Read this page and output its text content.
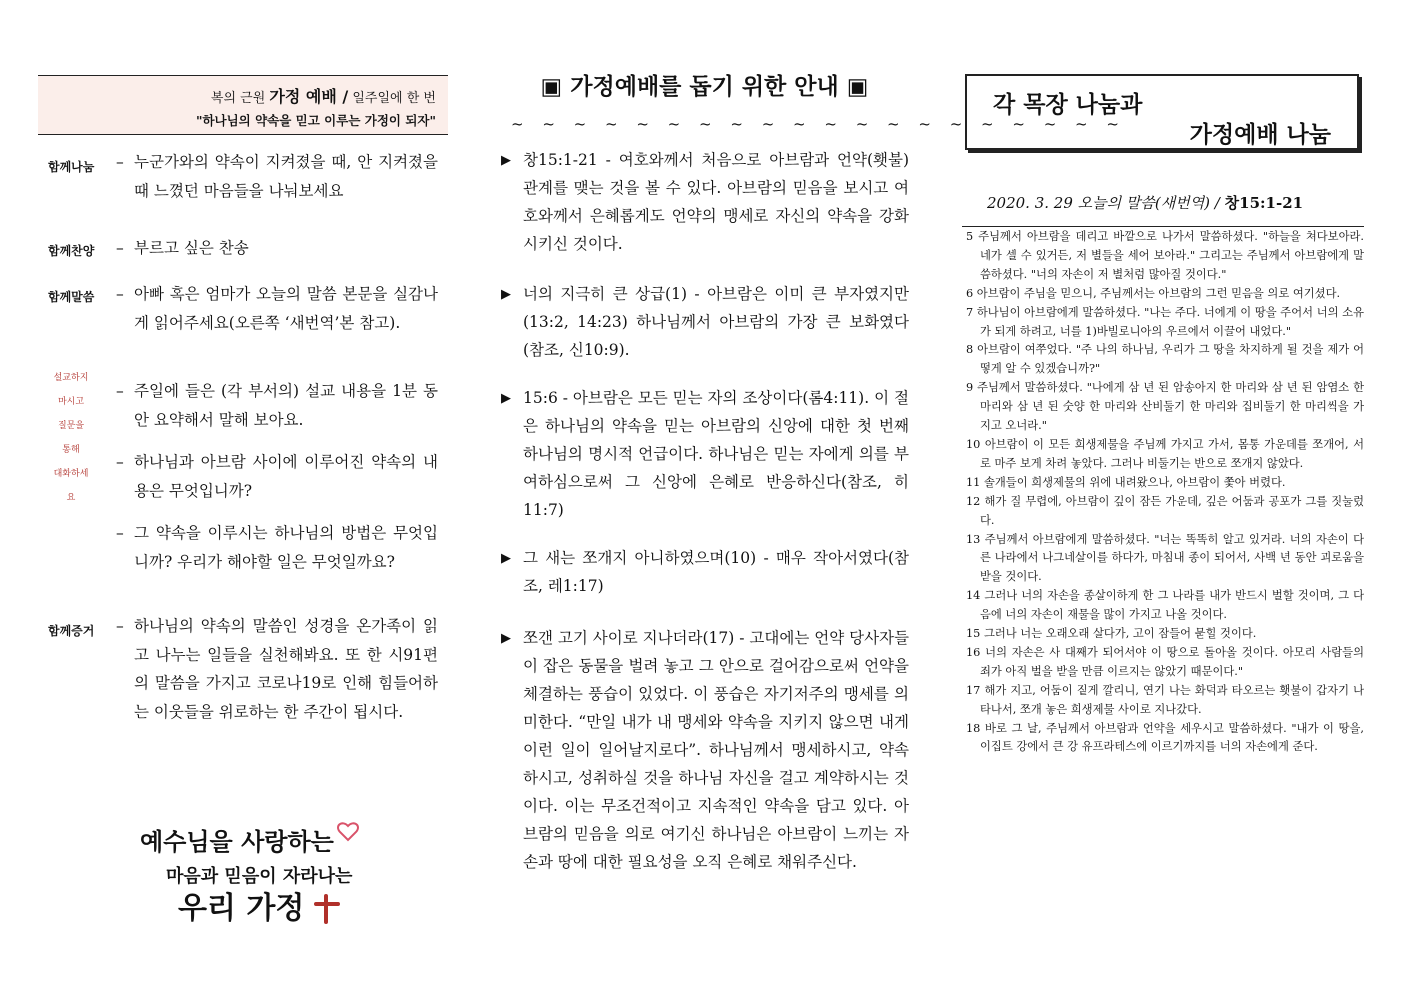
복의 근원 가정 예배 / 일주일에 한 번
"하나님의 약속을 믿고 이루는 가정이 되자"
함께나눔 – 누군가와의 약속이 지켜졌을 때, 안 지켜졌을 때 느꼈던 마음들을 나눠보세요
함께찬양 – 부르고 싶은 찬송
함께말씀 – 아빠 혹은 엄마가 오늘의 말씀 본문을 실감나게 읽어주세요(오른쪽 ‘새번역’본 참고).
설교하지
마시고
질문을
통해
대화하세요
– 주일에 들은 (각 부서의) 설교 내용을 1분 동안 요약해서 말해 보아요.
– 하나님과 아브람 사이에 이루어진 약속의 내용은 무엇입니까?
– 그 약속을 이루시는 하나님의 방법은 무엇입니까? 우리가 해야할 일은 무엇일까요?
함께증거 – 하나님의 약속의 말씀인 성경을 온가족이 읽고 나누는 일들을 실천해봐요. 또 한 시91편의 말씀을 가지고 코로나19로 인해 힘들어하는 이웃들을 위로하는 한 주간이 됩시다.
예수님을 사랑하는
마음과 믿음이 자라나는
우리 가정
▣ 가정예배를 돕기 위한 안내 ▣
~ ~ ~ ~ ~ ~ ~ ~ ~ ~ ~ ~ ~ ~ ~ ~ ~ ~ ~ ~
▶ 창15:1-21 - 여호와께서 처음으로 아브람과 언약(횃불)관계를 맺는 것을 볼 수 있다. 아브람의 믿음을 보시고 여호와께서 은혜롭게도 언약의 맹세로 자신의 약속을 강화시키신 것이다.
▶ 너의 지극히 큰 상급(1) - 아브람은 이미 큰 부자였지만(13:2, 14:23) 하나님께서 아브람의 가장 큰 보화였다(참조, 신10:9).
▶ 15:6 - 아브람은 모든 믿는 자의 조상이다(롬4:11). 이 절은 하나님의 약속을 믿는 아브람의 신앙에 대한 첫 번째 하나님의 명시적 언급이다. 하나님은 믿는 자에게 의를 부여하심으로써 그 신앙에 은혜로 반응하신다(참조, 히11:7)
▶ 그 새는 쪼개지 아니하였으며(10) - 매우 작아서였다(참조, 레1:17)
▶ 쪼갠 고기 사이로 지나더라(17) - 고대에는 언약 당사자들이 잡은 동물을 벌려 놓고 그 안으로 걸어감으로써 언약을 체결하는 풍습이 있었다. 이 풍습은 자기저주의 맹세를 의미한다. “만일 내가 내 맹세와 약속을 지키지 않으면 내게 이런 일이 일어날지로다”. 하나님께서 맹세하시고, 약속하시고, 성취하실 것을 하나님 자신을 걸고 계약하시는 것이다. 이는 무조건적이고 지속적인 약속을 담고 있다. 아브람의 믿음을 의로 여기신 하나님은 아브람이 느끼는 자손과 땅에 대한 필요성을 오직 은혜로 채워주신다.
각 목장 나눔과
가정예배 나눔
2020. 3. 29 오늘의 말씀(새번역) / 창15:1-21
5 주님께서 아브람을 데리고 바깥으로 나가서 말씀하셨다. "하늘을 쳐다보아라. 네가 셀 수 있거든, 저 별들을 세어 보아라." 그리고는 주님께서 아브람에게 말씀하셨다. "너의 자손이 저 별처럼 많아질 것이다."
6 아브람이 주님을 믿으니, 주님께서는 아브람의 그런 믿음을 의로 여기셨다.
7 하나님이 아브람에게 말씀하셨다. "나는 주다. 너에게 이 땅을 주어서 너의 소유가 되게 하려고, 너를 1)바빌로니아의 우르에서 이끌어 내었다."
8 아브람이 여쭈었다. "주 나의 하나님, 우리가 그 땅을 차지하게 될 것을 제가 어떻게 알 수 있겠습니까?"
9 주님께서 말씀하셨다. "나에게 삼 년 된 암송아지 한 마리와 삼 년 된 암염소 한 마리와 삼 년 된 숫양 한 마리와 산비둘기 한 마리와 집비둘기 한 마리씩을 가지고 오너라."
10 아브람이 이 모든 희생제물을 주님께 가지고 가서, 몸통 가운데를 쪼개어, 서로 마주 보게 차려 놓았다. 그러나 비둘기는 반으로 쪼개지 않았다.
11 솔개들이 희생제물의 위에 내려왔으나, 아브람이 쫓아 버렸다.
12 해가 질 무렵에, 아브람이 깊이 잠든 가운데, 깊은 어둠과 공포가 그를 짓눌렀다.
13 주님께서 아브람에게 말씀하셨다. "너는 똑똑히 알고 있거라. 너의 자손이 다른 나라에서 나그네살이를 하다가, 마침내 종이 되어서, 사백 년 동안 괴로움을 받을 것이다.
14 그러나 너의 자손을 종살이하게 한 그 나라를 내가 반드시 벌할 것이며, 그 다음에 너의 자손이 재물을 많이 가지고 나올 것이다.
15 그러나 너는 오래오래 살다가, 고이 잠들어 묻힐 것이다.
16 너의 자손은 사 대째가 되어서야 이 땅으로 돌아올 것이다. 아모리 사람들의 죄가 아직 벌을 받을 만큼 이르지는 않았기 때문이다."
17 해가 지고, 어둠이 짙게 깔리니, 연기 나는 화덕과 타오르는 횃불이 갑자기 나타나서, 쪼개 놓은 희생제물 사이로 지나갔다.
18 바로 그 날, 주님께서 아브람과 언약을 세우시고 말씀하셨다. "내가 이 땅을, 이집트 강에서 큰 강 유프라테스에 이르기까지를 너의 자손에게 준다.
